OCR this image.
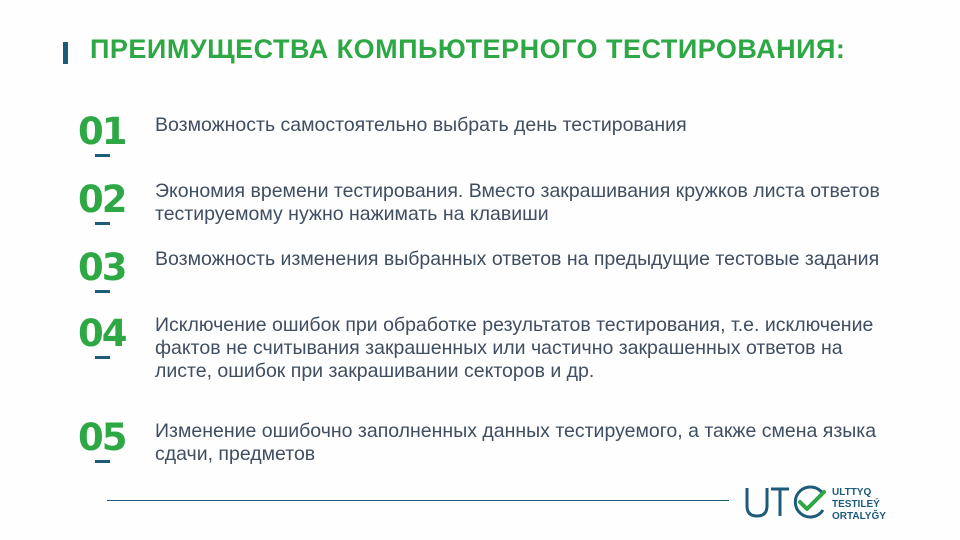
ПРЕИМУЩЕСТВА КОМПЬЮТЕРНОГО ТЕСТИРОВАНИЯ:
01	Возможность самостоятельно выбрать день тестирования
02	Экономия времени тестирования. Вместо закрашивания кружков листа ответов тестируемому нужно нажимать на клавиши
03	Возможность изменения выбранных ответов на предыдущие тестовые задания
04	Исключение ошибок при обработке результатов тестирования, т.е. исключение фактов не считывания закрашенных или частично закрашенных ответов на листе, ошибок при закрашивании секторов и др.
05	Изменение ошибочно заполненных данных тестируемого, а также смена языка сдачи, предметов
ULTTYQ
TESTILEÝ
ORTALYĞY
